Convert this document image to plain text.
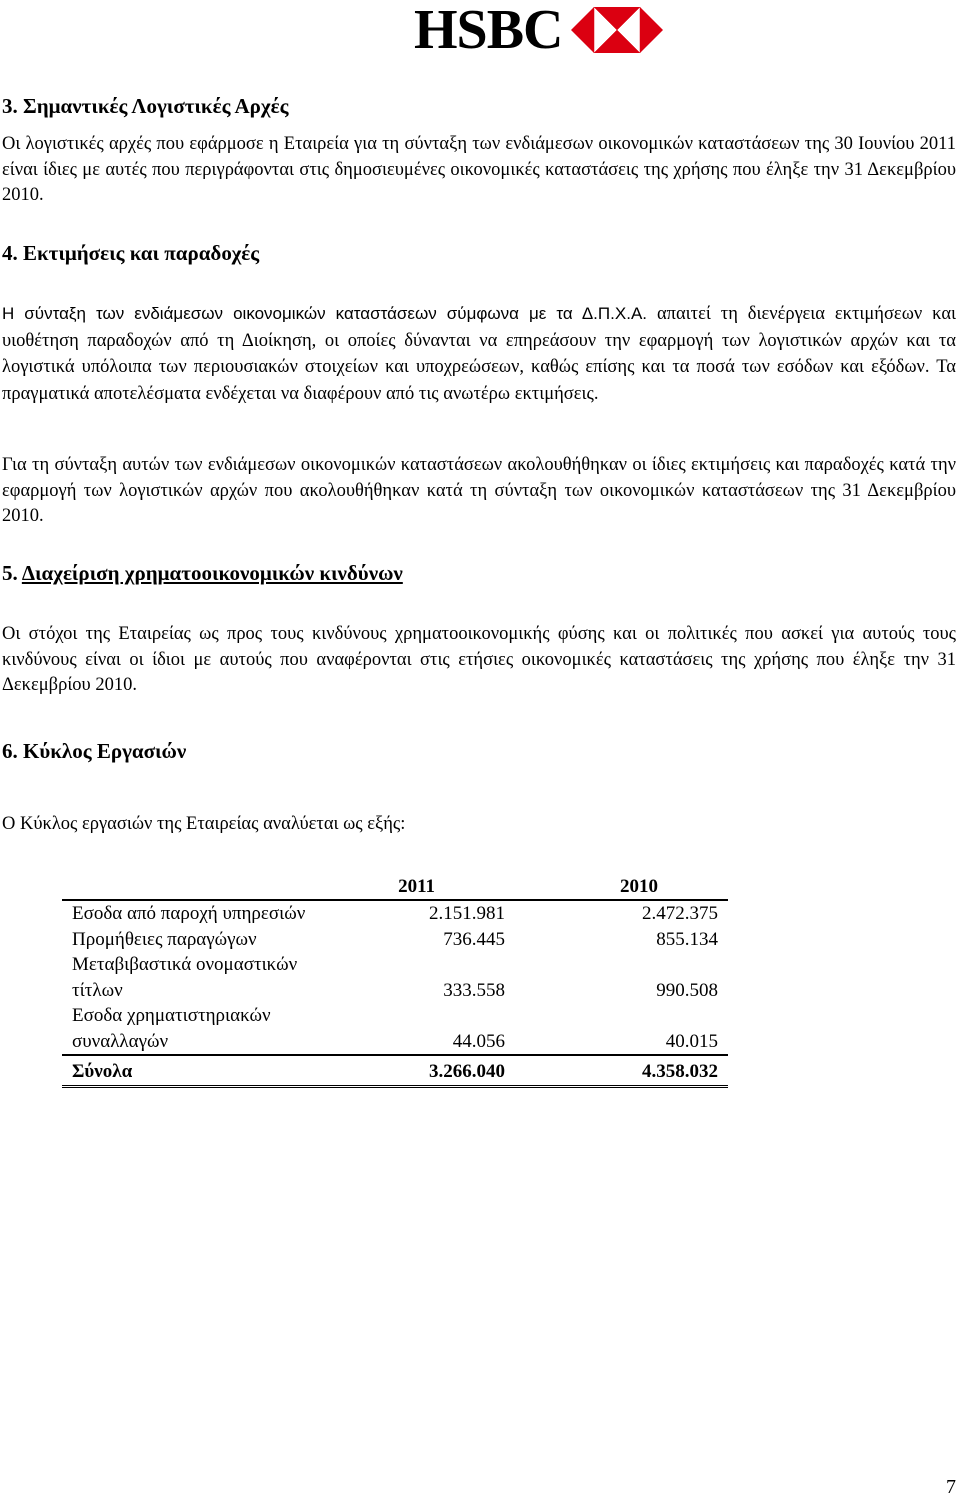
HSBC
3. Σημαντικές Λογιστικές Αρχές

Οι λογιστικές αρχές που εφάρμοσε η Εταιρεία για τη σύνταξη των ενδιάμεσων οικονομικών καταστάσεων της 30 Ιουνίου 2011 είναι ίδιες με αυτές που περιγράφονται στις δημοσιευμένες οικονομικές καταστάσεις της χρήσης που έληξε την 31 Δεκεμβρίου 2010.

4. Εκτιμήσεις και παραδοχές

Η σύνταξη των ενδιάμεσων οικονομικών καταστάσεων σύμφωνα με τα Δ.Π.Χ.Α. απαιτεί τη διενέργεια εκτιμήσεων και υιοθέτηση παραδοχών από τη Διοίκηση, οι οποίες δύνανται να επηρεάσουν την εφαρμογή των λογιστικών αρχών και τα λογιστικά υπόλοιπα των περιουσιακών στοιχείων και υποχρεώσεων, καθώς επίσης και τα ποσά των εσόδων και εξόδων. Τα πραγματικά αποτελέσματα ενδέχεται να διαφέρουν από τις ανωτέρω εκτιμήσεις.

Για τη σύνταξη αυτών των ενδιάμεσων οικονομικών καταστάσεων ακολουθήθηκαν οι ίδιες εκτιμήσεις και παραδοχές κατά την εφαρμογή των λογιστικών αρχών που ακολουθήθηκαν κατά τη σύνταξη των οικονομικών καταστάσεων της 31 Δεκεμβρίου 2010.

5. Διαχείριση χρηματοοικονομικών κινδύνων

Οι στόχοι της Εταιρείας ως προς τους κινδύνους χρηματοοικονομικής φύσης και οι πολιτικές που ασκεί για αυτούς τους κινδύνους είναι οι ίδιοι με αυτούς που αναφέρονται στις ετήσιες οικονομικές καταστάσεις της χρήσης που έληξε την 31 Δεκεμβρίου 2010.

6. Κύκλος Εργασιών

Ο Κύκλος εργασιών της Εταιρείας αναλύεται ως εξής:

	2011	2010
Εσοδα από παροχή υπηρεσιών	2.151.981	2.472.375
Προμήθειες παραγώγων	736.445	855.134
Μεταβιβαστικά ονομαστικών τίτλων	333.558	990.508
Εσοδα χρηματιστηριακών συναλλαγών	44.056	40.015
Σύνολα	3.266.040	4.358.032
7
